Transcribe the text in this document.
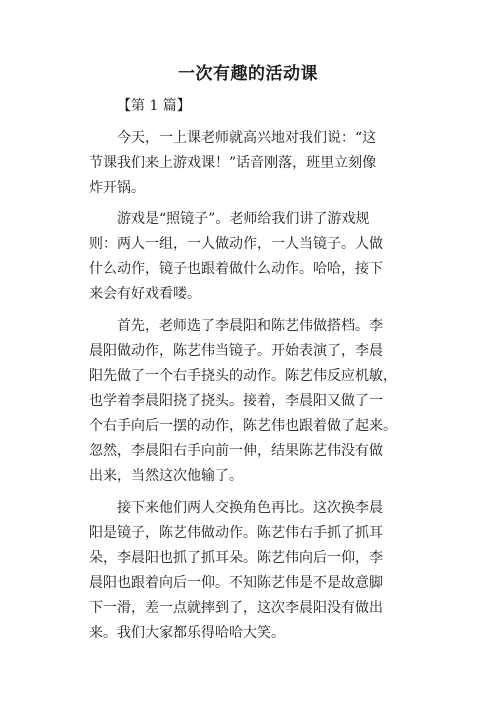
一次有趣的活动课
【第 1 篇】
今天，一上课老师就高兴地对我们说：“这
节课我们来上游戏课！”话音刚落，班里立刻像
炸开锅。
游戏是“照镜子”。老师给我们讲了游戏规
则：两人一组，一人做动作，一人当镜子。人做
什么动作，镜子也跟着做什么动作。哈哈，接下
来会有好戏看喽。
首先，老师选了李晨阳和陈艺伟做搭档。李
晨阳做动作，陈艺伟当镜子。开始表演了，李晨
阳先做了一个右手挠头的动作。陈艺伟反应机敏，
也学着李晨阳挠了挠头。接着，李晨阳又做了一
个右手向后一摆的动作，陈艺伟也跟着做了起来。
忽然，李晨阳右手向前一伸，结果陈艺伟没有做
出来，当然这次他输了。
接下来他们两人交换角色再比。这次换李晨
阳是镜子，陈艺伟做动作。陈艺伟右手抓了抓耳
朵，李晨阳也抓了抓耳朵。陈艺伟向后一仰，李
晨阳也跟着向后一仰。不知陈艺伟是不是故意脚
下一滑，差一点就摔到了，这次李晨阳没有做出
来。我们大家都乐得哈哈大笑。
